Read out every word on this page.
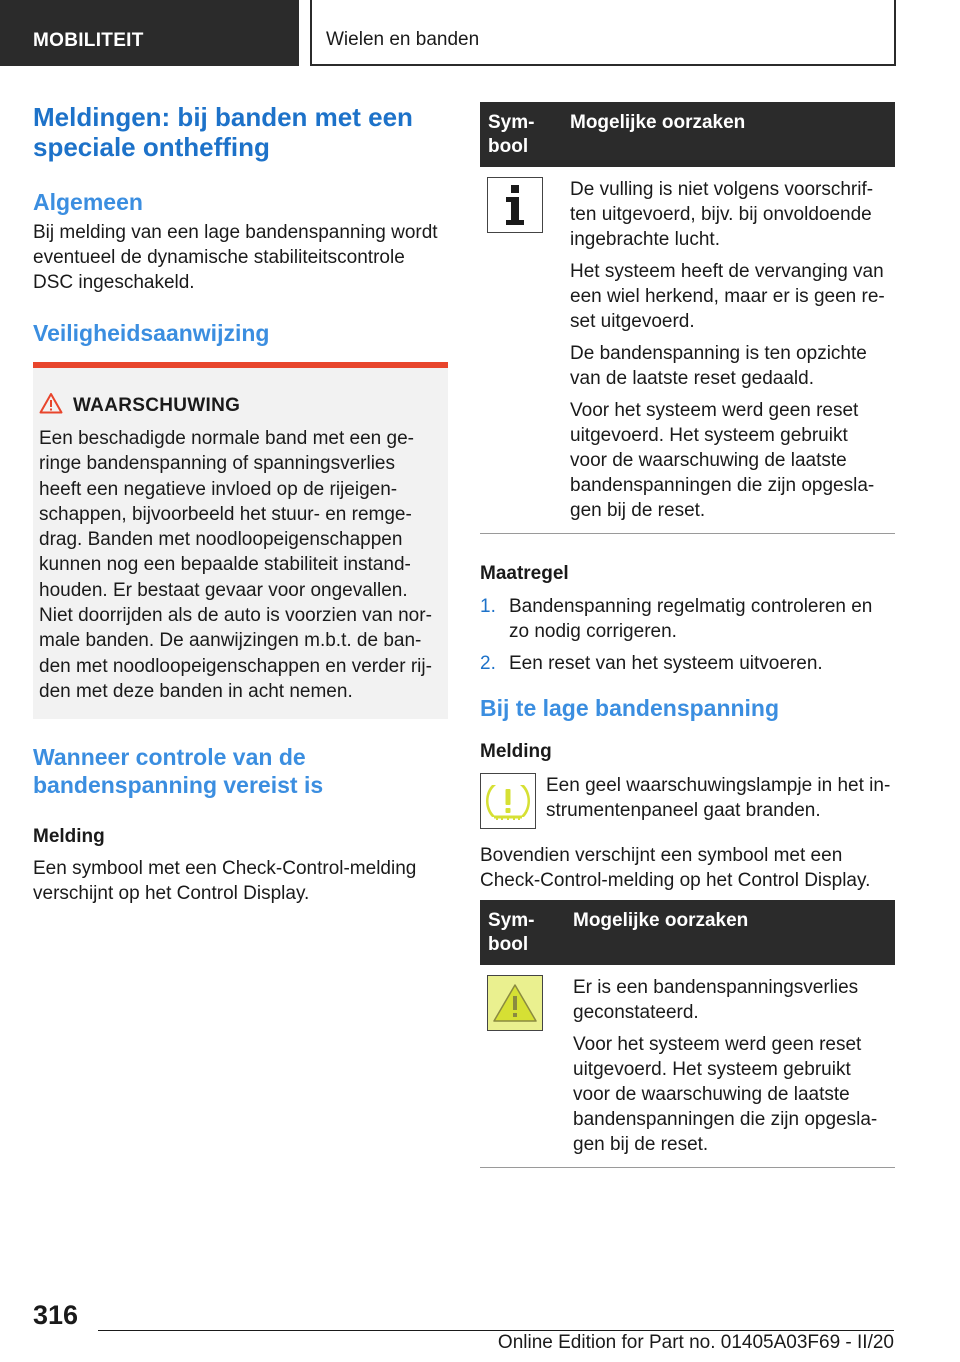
MOBILITEIT	Wielen en banden
Meldingen: bij banden met een speciale ontheffing
Algemeen
Bij melding van een lage bandenspanning wordt eventueel de dynamische stabiliteitscontrole DSC ingeschakeld.
Veiligheidsaanwijzing
WAARSCHUWING
Een beschadigde normale band met een geringe bandenspanning of spanningsverlies heeft een negatieve invloed op de rijeigenschappen, bijvoorbeeld het stuur- en remgedrag. Banden met noodloopeigenschappen kunnen nog een bepaalde stabiliteit instandhouden. Er bestaat gevaar voor ongevallen. Niet doorrijden als de auto is voorzien van normale banden. De aanwijzingen m.b.t. de banden met noodloopeigenschappen en verder rijden met deze banden in acht nemen.
Wanneer controle van de bandenspanning vereist is
Melding
Een symbool met een Check-Control-melding verschijnt op het Control Display.
Symbool	Mogelijke oorzaken

De vulling is niet volgens voorschriften uitgevoerd, bijv. bij onvoldoende ingebrachte lucht.
Het systeem heeft de vervanging van een wiel herkend, maar er is geen reset uitgevoerd.
De bandenspanning is ten opzichte van de laatste reset gedaald.
Voor het systeem werd geen reset uitgevoerd. Het systeem gebruikt voor de waarschuwing de laatste bandenspanningen die zijn opgeslagen bij de reset.
Maatregel
1. Bandenspanning regelmatig controleren en zo nodig corrigeren.
2. Een reset van het systeem uitvoeren.
Bij te lage bandenspanning
Melding
Een geel waarschuwingslampje in het instrumentenpaneel gaat branden.
Bovendien verschijnt een symbool met een Check-Control-melding op het Control Display.
Symbool	Mogelijke oorzaken

Er is een bandenspanningsverlies geconstateerd.
Voor het systeem werd geen reset uitgevoerd. Het systeem gebruikt voor de waarschuwing de laatste bandenspanningen die zijn opgeslagen bij de reset.
316
Online Edition for Part no. 01405A03F69 - II/20
